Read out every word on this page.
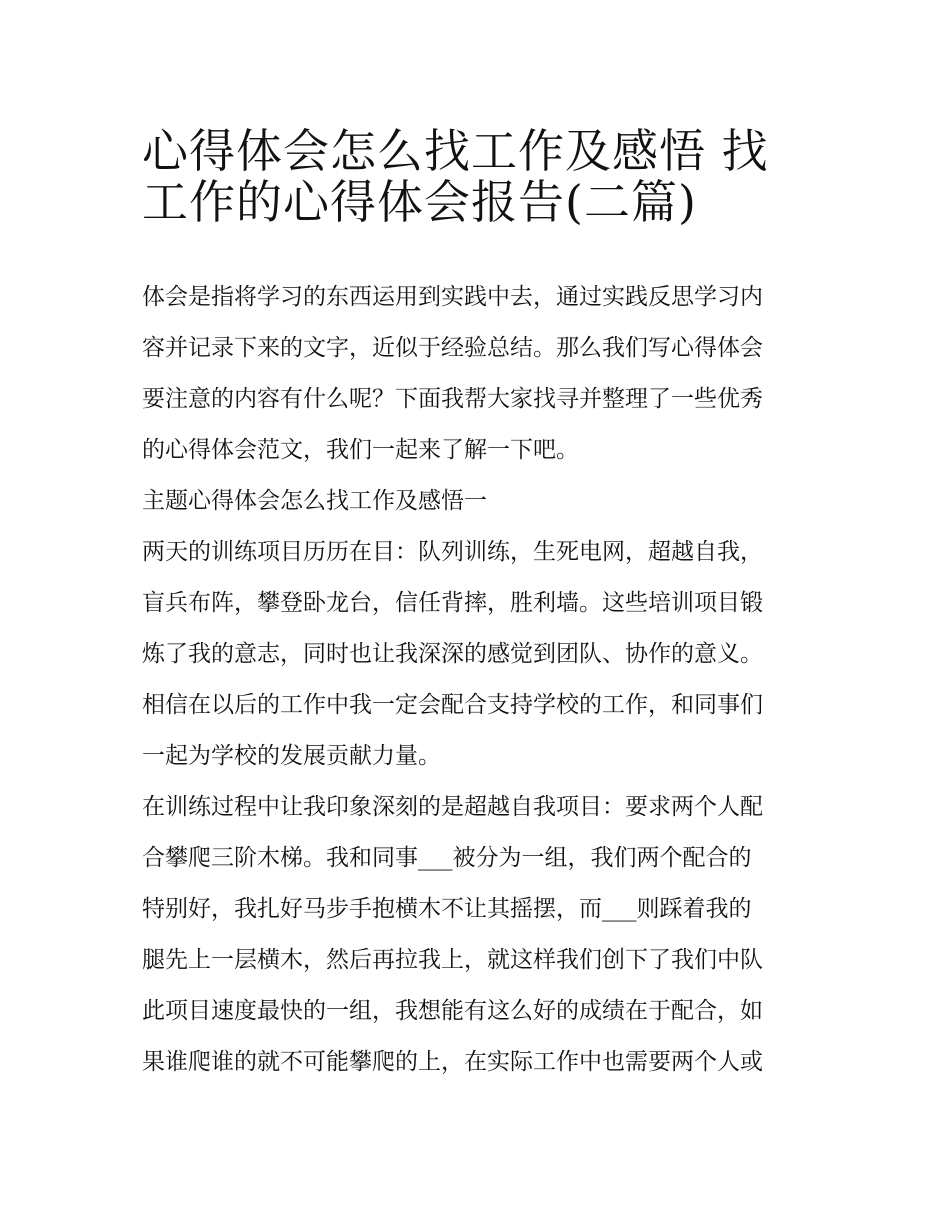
心得体会怎么找工作及感悟 找
工作的心得体会报告(二篇)
体会是指将学习的东西运用到实践中去，通过实践反思学习内
容并记录下来的文字，近似于经验总结。那么我们写心得体会
要注意的内容有什么呢？下面我帮大家找寻并整理了一些优秀
的心得体会范文，我们一起来了解一下吧。
主题心得体会怎么找工作及感悟一
两天的训练项目历历在目：队列训练，生死电网，超越自我，
盲兵布阵，攀登卧龙台，信任背摔，胜利墙。这些培训项目锻
炼了我的意志，同时也让我深深的感觉到团队、协作的意义。
相信在以后的工作中我一定会配合支持学校的工作，和同事们
一起为学校的发展贡献力量。
在训练过程中让我印象深刻的是超越自我项目：要求两个人配
合攀爬三阶木梯。我和同事___被分为一组，我们两个配合的
特别好，我扎好马步手抱横木不让其摇摆，而___则踩着我的
腿先上一层横木，然后再拉我上，就这样我们创下了我们中队
此项目速度最快的一组，我想能有这么好的成绩在于配合，如
果谁爬谁的就不可能攀爬的上，在实际工作中也需要两个人或
